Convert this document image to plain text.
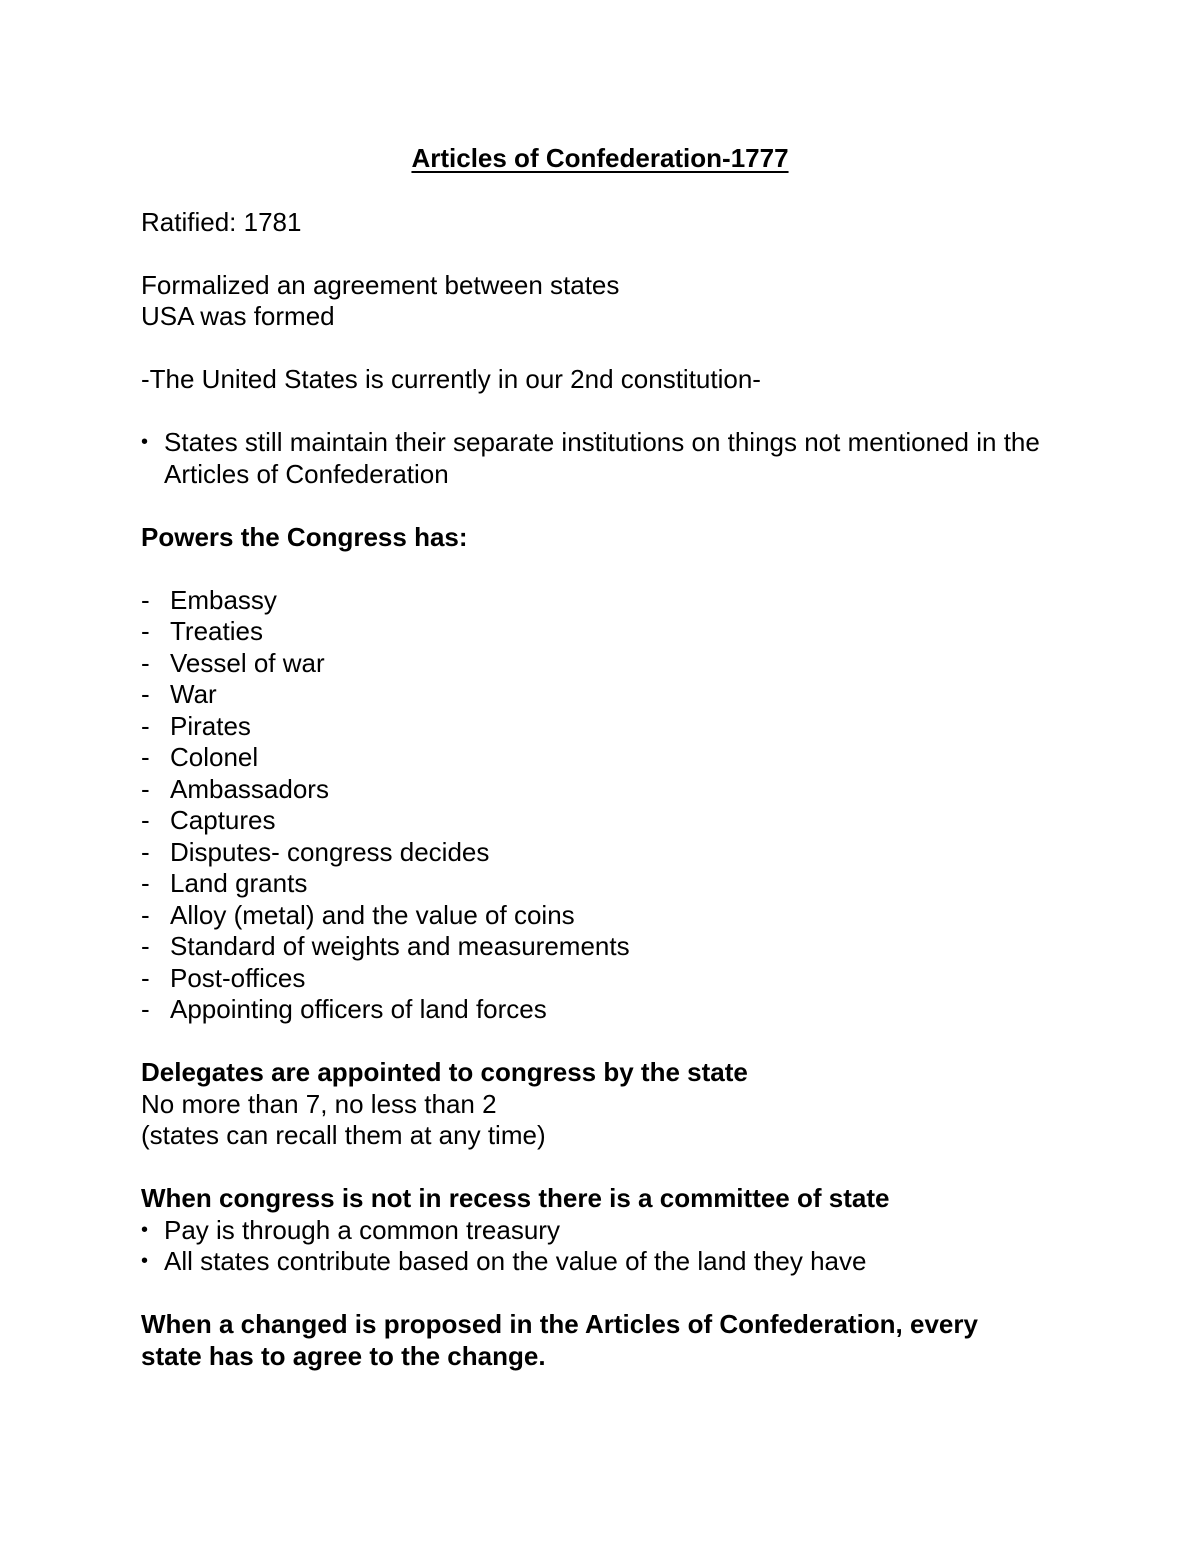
Articles of Confederation-1777

Ratified: 1781

Formalized an agreement between states

USA was formed

-The United States is currently in our 2nd constitution-

• States still maintain their separate institutions on things not mentioned in the Articles of Confederation

Powers the Congress has:

- Embassy
- Treaties
- Vessel of war
- War
- Pirates
- Colonel
- Ambassadors
- Captures
- Disputes- congress decides
- Land grants
- Alloy (metal) and the value of coins
- Standard of weights and measurements
- Post-offices
- Appointing officers of land forces

Delegates are appointed to congress by the state

No more than 7, no less than 2

(states can recall them at any time)

When congress is not in recess there is a committee of state

• Pay is through a common treasury
• All states contribute based on the value of the land they have

When a changed is proposed in the Articles of Confederation, every state has to agree to the change.
